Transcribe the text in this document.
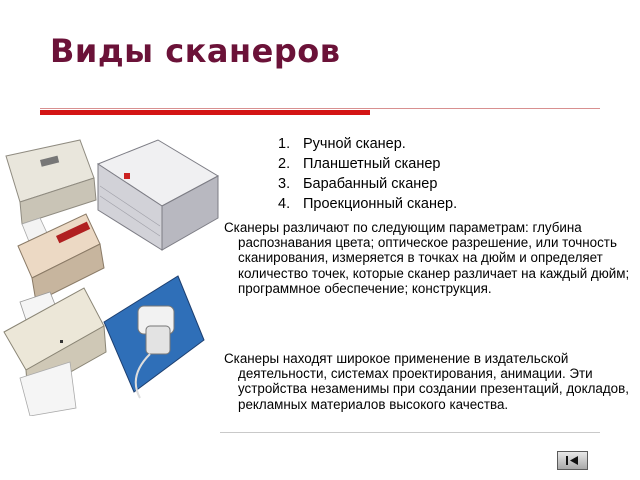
Виды сканеров
1. Ручной сканер.
2. Планшетный сканер
3. Барабанный сканер
4. Проекционный сканер.

Сканеры различают по следующим параметрам: глубина распознавания цвета; оптическое разрешение, или точность сканирования, измеряется в точках на дюйм и определяет количество точек, которые сканер различает на каждый дюйм; программное обеспечение; конструкция.

Сканеры находят широкое применение в издательской деятельности, системах проектирования, анимации. Эти устройства незаменимы при создании презентаций, докладов, рекламных материалов высокого качества.
